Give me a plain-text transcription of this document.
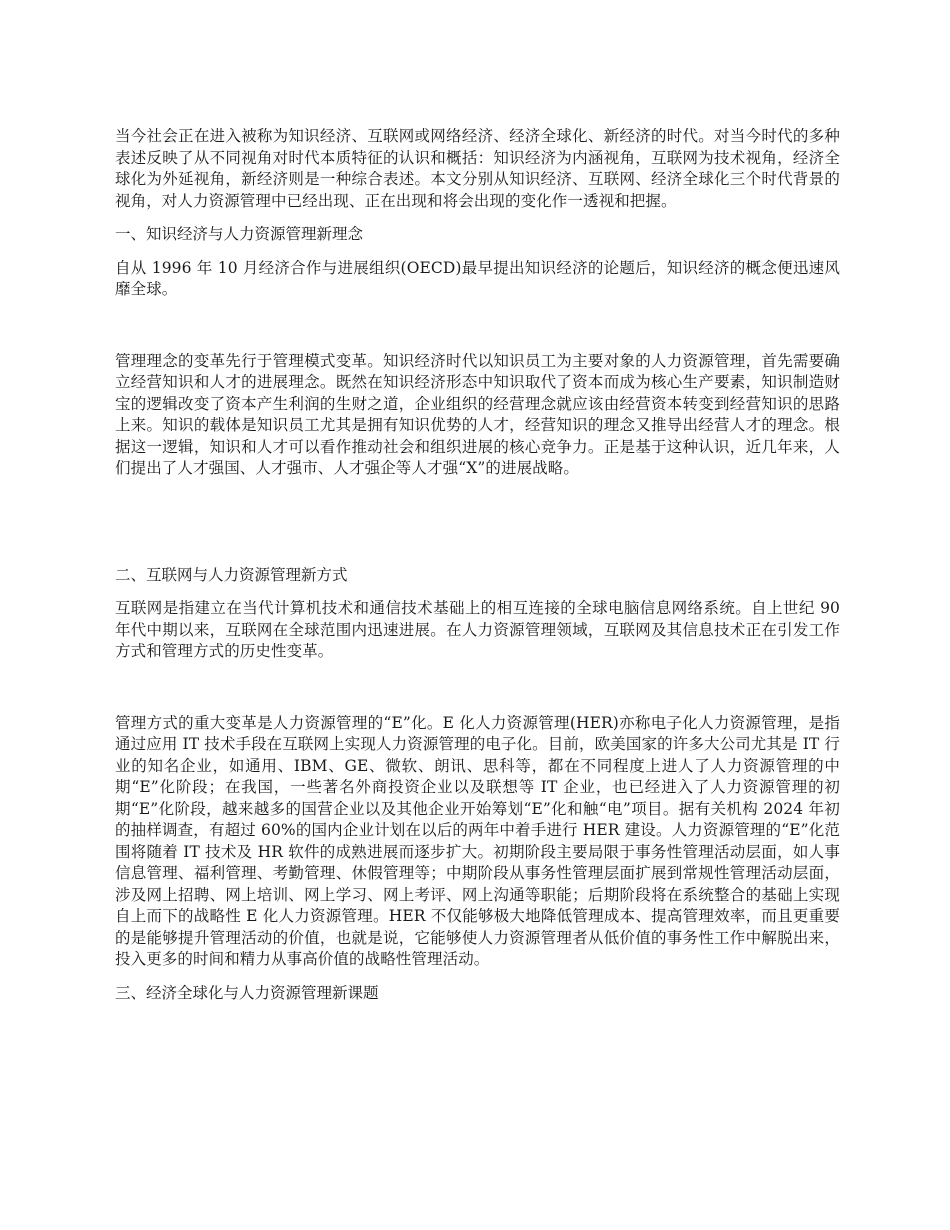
当今社会正在进入被称为知识经济、互联网或网络经济、经济全球化、新经济的时代。对当今时代的多种表述反映了从不同视角对时代本质特征的认识和概括：知识经济为内涵视角，互联网为技术视角，经济全球化为外延视角，新经济则是一种综合表述。本文分别从知识经济、互联网、经济全球化三个时代背景的视角，对人力资源管理中已经出现、正在出现和将会出现的变化作一透视和把握。

一、知识经济与人力资源管理新理念

自从 1996 年 10 月经济合作与进展组织(OECD)最早提出知识经济的论题后，知识经济的概念便迅速风靡全球。

管理理念的变革先行于管理模式变革。知识经济时代以知识员工为主要对象的人力资源管理，首先需要确立经营知识和人才的进展理念。既然在知识经济形态中知识取代了资本而成为核心生产要素，知识制造财宝的逻辑改变了资本产生利润的生财之道，企业组织的经营理念就应该由经营资本转变到经营知识的思路上来。知识的载体是知识员工尤其是拥有知识优势的人才，经营知识的理念又推导出经营人才的理念。根据这一逻辑，知识和人才可以看作推动社会和组织进展的核心竞争力。正是基于这种认识，近几年来，人们提出了人才强国、人才强市、人才强企等人才强“X”的进展战略。

二、互联网与人力资源管理新方式

互联网是指建立在当代计算机技术和通信技术基础上的相互连接的全球电脑信息网络系统。自上世纪 90 年代中期以来，互联网在全球范围内迅速进展。在人力资源管理领域，互联网及其信息技术正在引发工作方式和管理方式的历史性变革。

管理方式的重大变革是人力资源管理的“E”化。E 化人力资源管理(HER)亦称电子化人力资源管理，是指通过应用 IT 技术手段在互联网上实现人力资源管理的电子化。目前，欧美国家的许多大公司尤其是 IT 行业的知名企业，如通用、IBM、GE、微软、朗讯、思科等，都在不同程度上进人了人力资源管理的中期“E”化阶段；在我国，一些著名外商投资企业以及联想等 IT 企业，也已经进入了人力资源管理的初期“E”化阶段，越来越多的国营企业以及其他企业开始筹划“E”化和触“电”项目。据有关机构 2024 年初的抽样调查，有超过 60%的国内企业计划在以后的两年中着手进行 HER 建设。人力资源管理的“E”化范围将随着 IT 技术及 HR 软件的成熟进展而逐步扩大。初期阶段主要局限于事务性管理活动层面，如人事信息管理、福利管理、考勤管理、休假管理等；中期阶段从事务性管理层面扩展到常规性管理活动层面，涉及网上招聘、网上培训、网上学习、网上考评、网上沟通等职能；后期阶段将在系统整合的基础上实现自上而下的战略性 E 化人力资源管理。HER 不仅能够极大地降低管理成本、提高管理效率，而且更重要的是能够提升管理活动的价值，也就是说，它能够使人力资源管理者从低价值的事务性工作中解脱出来，投入更多的时间和精力从事高价值的战略性管理活动。

三、经济全球化与人力资源管理新课题
